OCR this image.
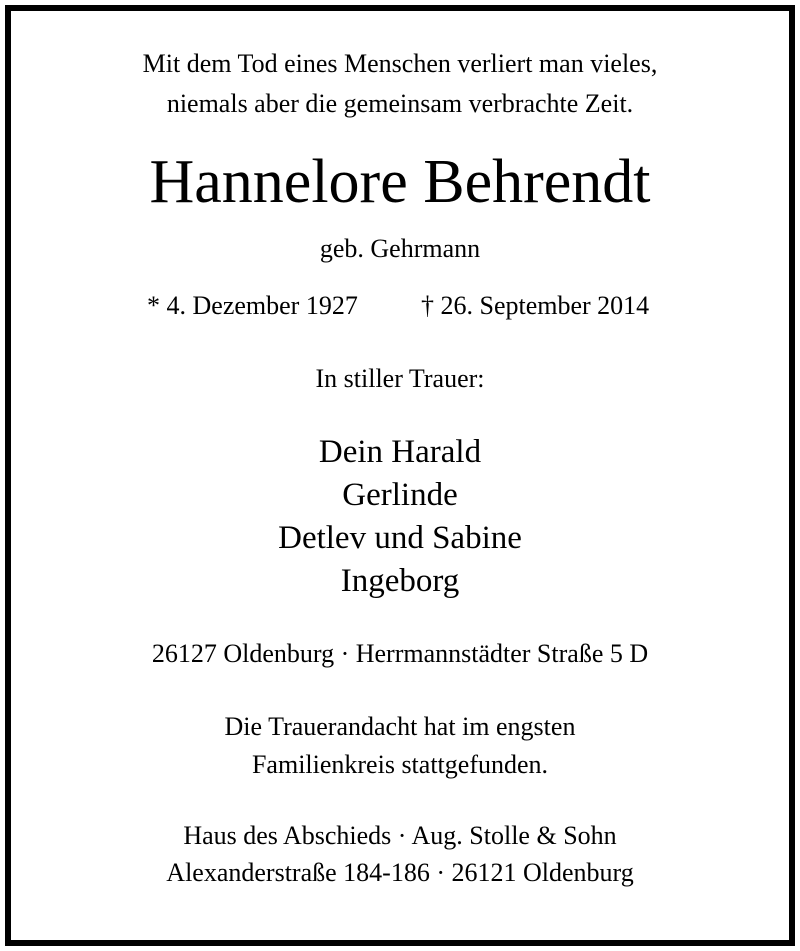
Mit dem Tod eines Menschen verliert man vieles,
niemals aber die gemeinsam verbrachte Zeit.
Hannelore Behrendt
geb. Gehrmann
* 4. Dezember 1927 † 26. September 2014
In stiller Trauer:
Dein Harald
Gerlinde
Detlev und Sabine
Ingeborg
26127 Oldenburg · Herrmannstädter Straße 5 D
Die Trauerandacht hat im engsten
Familienkreis stattgefunden.
Haus des Abschieds · Aug. Stolle & Sohn
Alexanderstraße 184-186 · 26121 Oldenburg
